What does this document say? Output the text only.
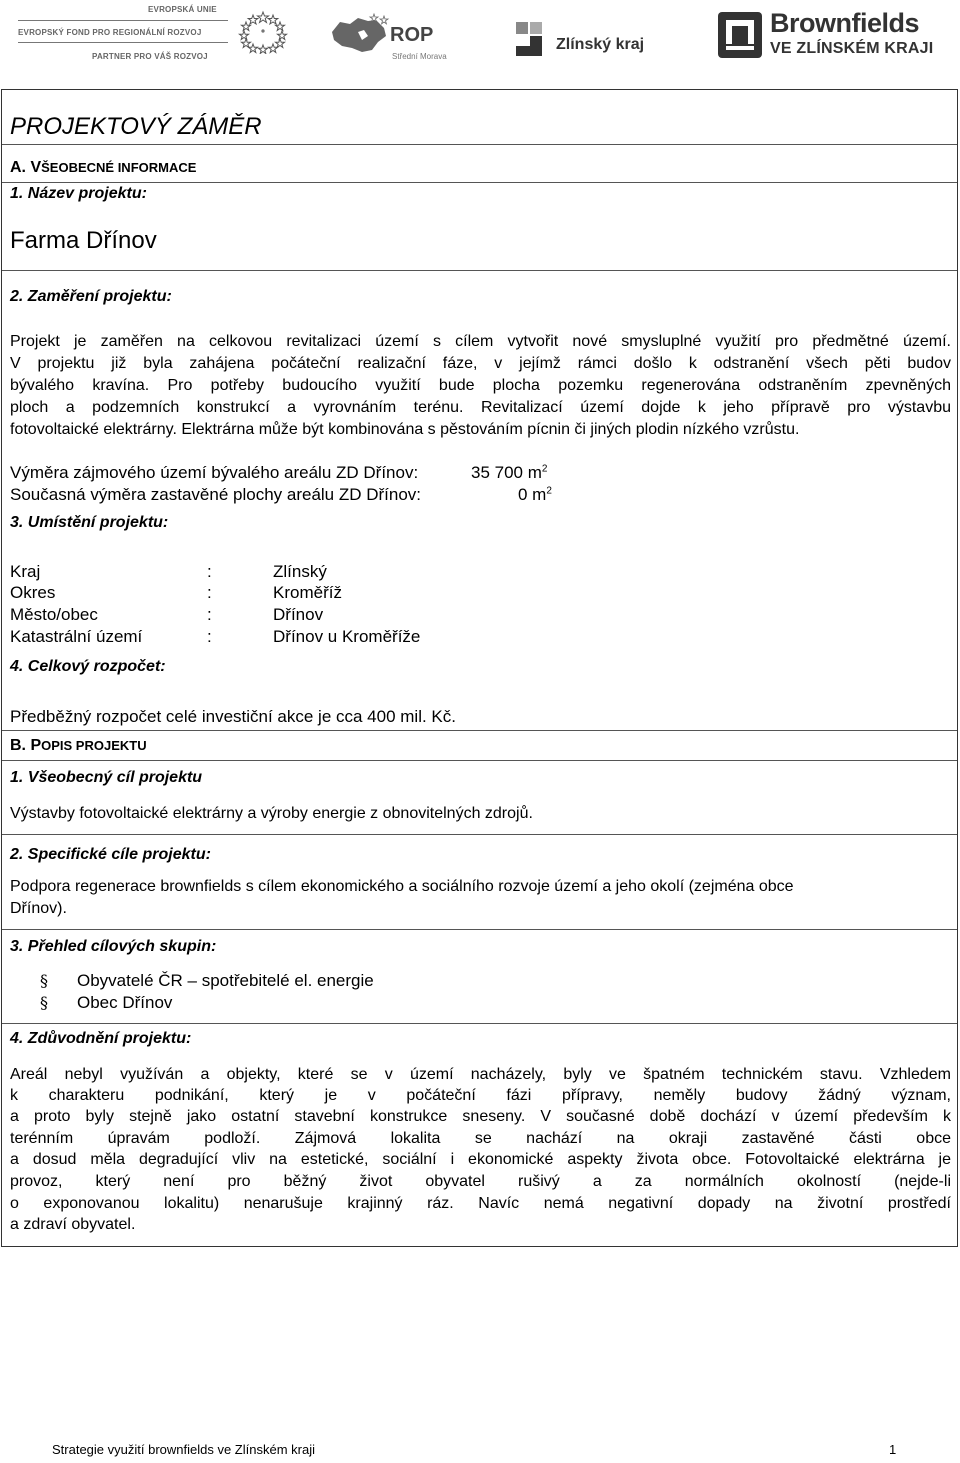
EVROPSKÁ UNIE
EVROPSKÝ FOND PRO REGIONÁLNÍ ROZVOJ
PARTNER PRO VÁŠ ROZVOJ
ROP
Střední Morava
Zlínský kraj
Brownfields
VE ZLÍNSKÉM KRAJI
PROJEKTOVÝ ZÁMĚR
A. VŠEOBECNÉ INFORMACE
1. Název projektu:
Farma Dřínov
2. Zaměření projektu:
Projekt je zaměřen na celkovou revitalizaci území s cílem vytvořit nové smysluplné využití pro předmětné území.
V projektu již byla zahájena počáteční realizační fáze, v jejímž rámci došlo k odstranění všech pěti budov
bývalého kravína. Pro potřeby budoucího využití bude plocha pozemku regenerována odstraněním zpevněných
ploch a podzemních konstrukcí a vyrovnáním terénu. Revitalizací území dojde k jeho přípravě pro výstavbu
fotovoltaické elektrárny. Elektrárna může být kombinována s pěstováním pícnin či jiných plodin nízkého vzrůstu.
Výměra zájmového území bývalého areálu ZD Dřínov:	35 700 $m^2$
Současná výměra zastavěné plochy areálu ZD Dřínov:	0 $m^2$
3. Umístění projektu:
Kraj	:	Zlínský
Okres	:	Kroměříž
Město/obec	:	Dřínov
Katastrální území	:	Dřínov u Kroměříže
4. Celkový rozpočet:
Předběžný rozpočet celé investiční akce je cca 400 mil. Kč.
B. POPIS PROJEKTU
1. Všeobecný cíl projektu
Výstavby fotovoltaické elektrárny a výroby energie z obnovitelných zdrojů.
2. Specifické cíle projektu:
Podpora regenerace brownfields s cílem ekonomického a sociálního rozvoje území a jeho okolí (zejména obce
Dřínov).
3. Přehled cílových skupin:
§ Obyvatelé ČR – spotřebitelé el. energie
§ Obec Dřínov
4. Zdůvodnění projektu:
Areál nebyl využíván a objekty, které se v území nacházely, byly ve špatném technickém stavu. Vzhledem
k charakteru podnikání, který je v počáteční fázi přípravy, neměly budovy žádný význam,
a proto byly stejně jako ostatní stavební konstrukce sneseny. V současné době dochází v území především k
terénním úpravám podloží. Zájmová lokalita se nachází na okraji zastavěné části obce
a dosud měla degradující vliv na estetické, sociální i ekonomické aspekty života obce. Fotovoltaické elektrárna je
provoz, který není pro běžný život obyvatel rušivý a za normálních okolností (nejde-li
o exponovanou lokalitu) nenarušuje krajinný ráz. Navíc nemá negativní dopady na životní prostředí
a zdraví obyvatel.
Strategie využití brownfields ve Zlínském kraji	1
